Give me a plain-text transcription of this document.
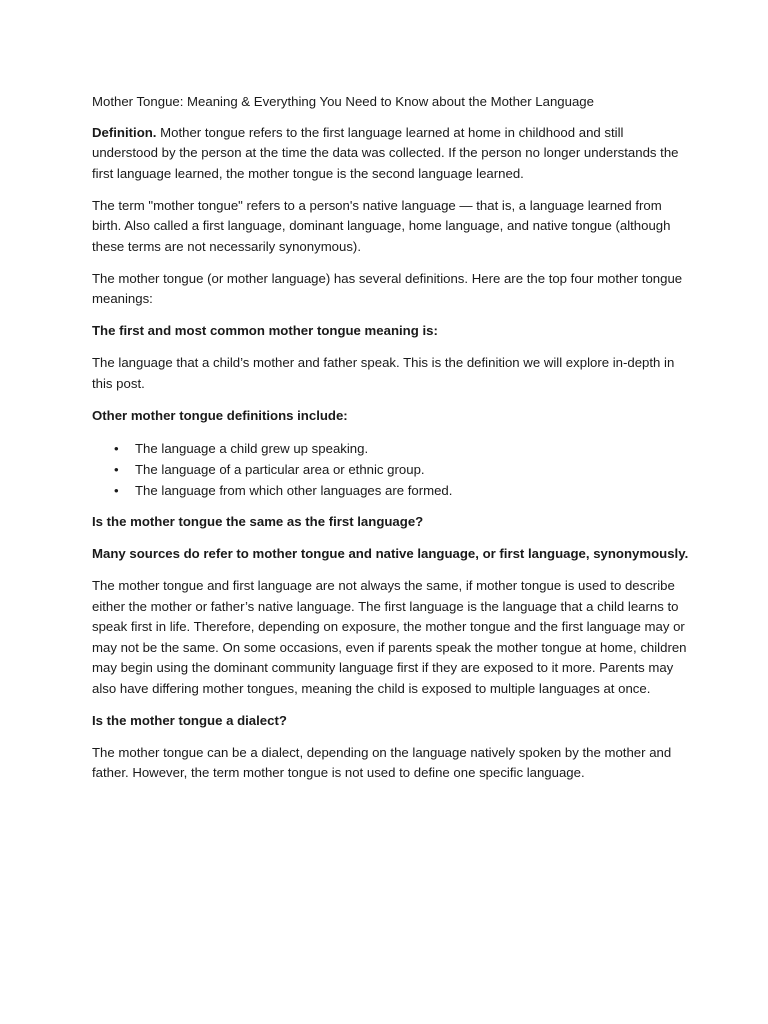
Mother Tongue: Meaning & Everything You Need to Know about the Mother Language

Definition. Mother tongue refers to the first language learned at home in childhood and still understood by the person at the time the data was collected. If the person no longer understands the first language learned, the mother tongue is the second language learned.

The term "mother tongue" refers to a person's native language — that is, a language learned from birth. Also called a first language, dominant language, home language, and native tongue (although these terms are not necessarily synonymous).

The mother tongue (or mother language) has several definitions. Here are the top four mother tongue meanings:

The first and most common mother tongue meaning is:

The language that a child’s mother and father speak. This is the definition we will explore in-depth in this post.

Other mother tongue definitions include:

• The language a child grew up speaking.
• The language of a particular area or ethnic group.
• The language from which other languages are formed.

Is the mother tongue the same as the first language?

Many sources do refer to mother tongue and native language, or first language, synonymously.

The mother tongue and first language are not always the same, if mother tongue is used to describe either the mother or father’s native language. The first language is the language that a child learns to speak first in life. Therefore, depending on exposure, the mother tongue and the first language may or may not be the same. On some occasions, even if parents speak the mother tongue at home, children may begin using the dominant community language first if they are exposed to it more. Parents may also have differing mother tongues, meaning the child is exposed to multiple languages at once.

Is the mother tongue a dialect?

The mother tongue can be a dialect, depending on the language natively spoken by the mother and father. However, the term mother tongue is not used to define one specific language.
